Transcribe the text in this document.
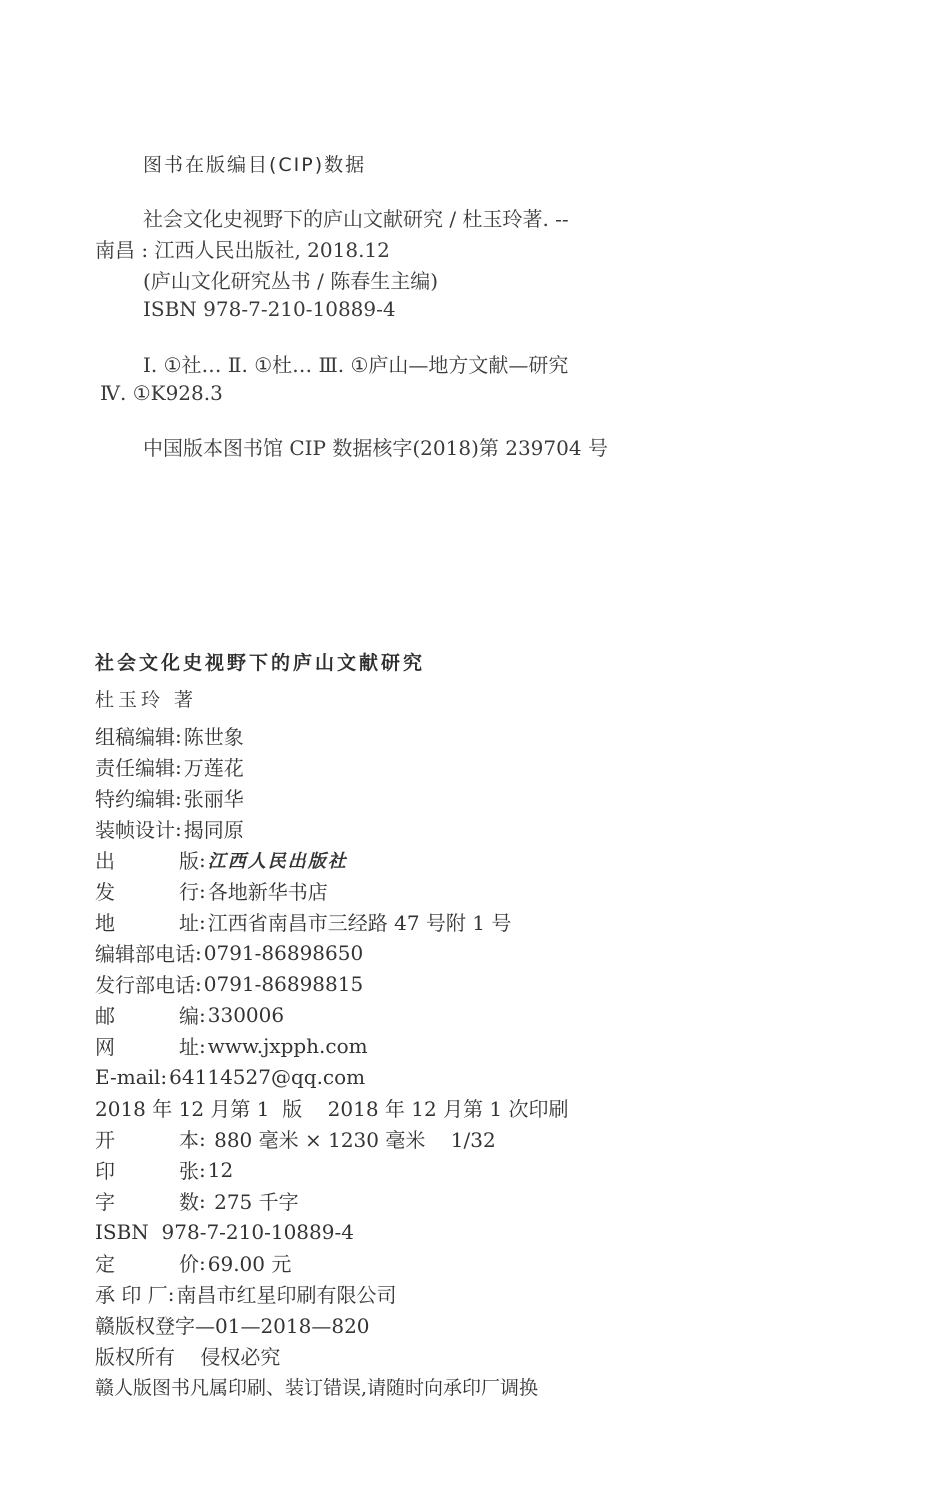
图书在版编目(CIP)数据
社会文化史视野下的庐山文献研究 / 杜玉玲著. --
南昌 : 江西人民出版社, 2018.12
(庐山文化研究丛书 / 陈春生主编)
ISBN 978-7-210-10889-4
Ⅰ. ①社… Ⅱ. ①杜… Ⅲ. ①庐山—地方文献—研究
Ⅳ. ①K928.3
中国版本图书馆 CIP 数据核字(2018)第 239704 号
社会文化史视野下的庐山文献研究
杜玉玲 著
组稿编辑 : 陈世象
责任编辑 : 万莲花
特约编辑 : 张丽华
装帧设计 : 揭同原
出	版 : 江西人民出版社
发	行 : 各地新华书店
地	址 : 江西省南昌市三经路 47 号附 1 号
编辑部电话 : 0791-86898650
发行部电话 : 0791-86898815
邮	编 : 330006
网	址 : www.jxpph.com
E-mail : 64114527@qq.com
2018 年 12 月第 1  版    2018 年 12 月第 1 次印刷
开	本 : 880 毫米 × 1230 毫米    1/32
印	张 : 12
字	数 : 275 千字
ISBN  978-7-210-10889-4
定	价 : 69.00 元
承 印 厂 : 南昌市红星印刷有限公司
赣版权登字—01—2018—820
版权所有    侵权必究
赣人版图书凡属印刷、装订错误,请随时向承印厂调换
